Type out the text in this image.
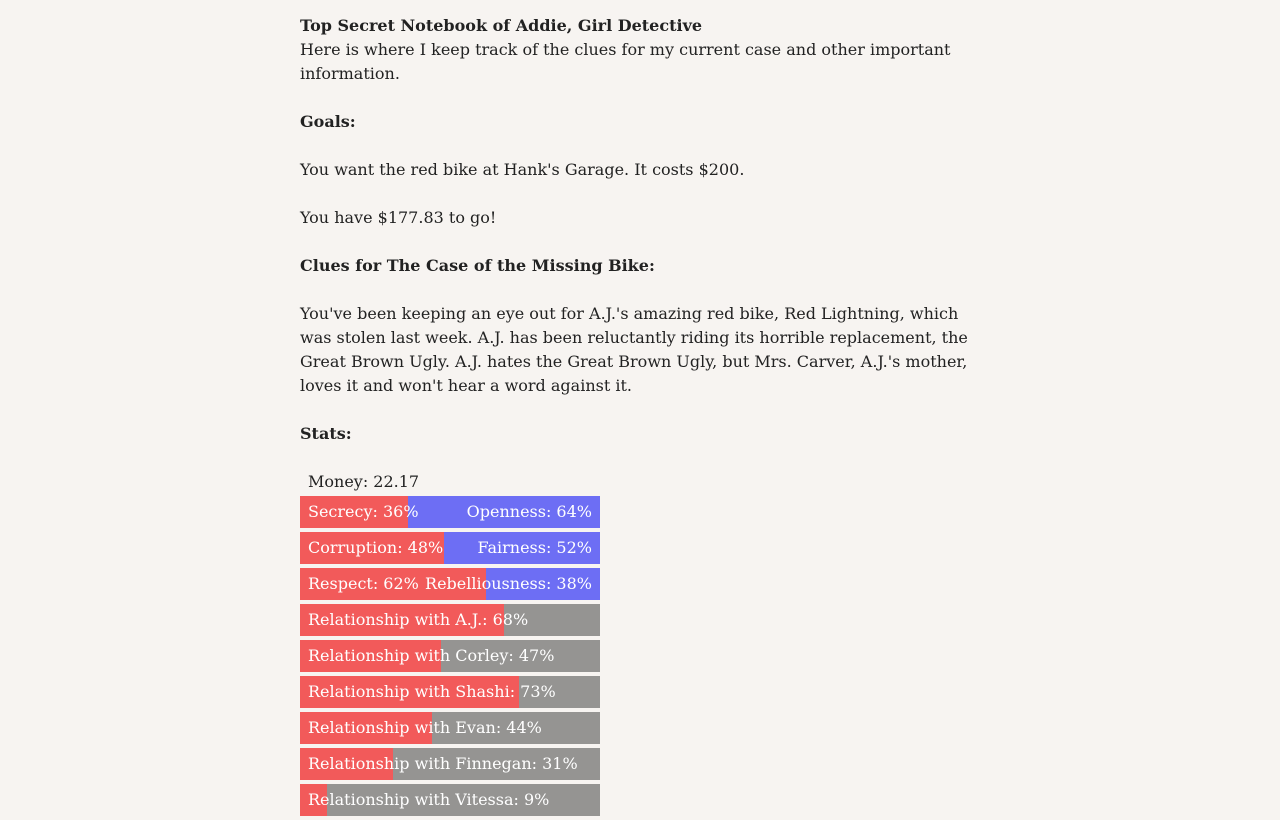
Top Secret Notebook of Addie, Girl Detective
Here is where I keep track of the clues for my current case and other important information.
Goals:
You want the red bike at Hank's Garage. It costs $200.
You have $177.83 to go!
Clues for The Case of the Missing Bike:
You've been keeping an eye out for A.J.'s amazing red bike, Red Lightning, which was stolen last week. A.J. has been reluctantly riding its horrible replacement, the Great Brown Ugly. A.J. hates the Great Brown Ugly, but Mrs. Carver, A.J.'s mother, loves it and won't hear a word against it.
Stats:
Money: 22.17
Secrecy: 36%	Openness: 64%
Corruption: 48% Fairness: 52%
Respect: 62% Rebelliousness: 38%
Relationship with A.J.: 68%
Relationship with Corley: 47%
Relationship with Shashi: 73%
Relationship with Evan: 44%
Relationship with Finnegan: 31%
Relationship with Vitessa: 9%
